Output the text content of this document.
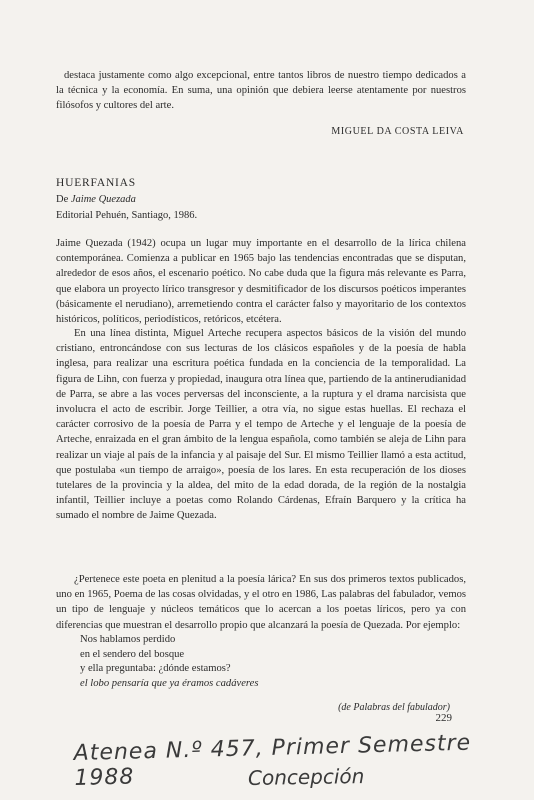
destaca justamente como algo excepcional, entre tantos libros de nuestro tiempo dedicados a la técnica y la economía. En suma, una opinión que debiera leerse atentamente por nuestros filósofos y cultores del arte.
MIGUEL DA COSTA LEIVA
HUERFANIAS
De Jaime Quezada
Editorial Pehuén, Santiago, 1986.
Jaime Quezada (1942) ocupa un lugar muy importante en el desarrollo de la lírica chilena contemporánea. Comienza a publicar en 1965 bajo las tendencias encontradas que se disputan, alrededor de esos años, el escenario poético. No cabe duda que la figura más relevante es Parra, que elabora un proyecto lírico transgresor y desmitificador de los discursos poéticos imperantes (básicamente el nerudiano), arremetiendo contra el carácter falso y mayoritario de los contextos históricos, políticos, periodísticos, retóricos, etcétera.
En una línea distinta, Miguel Arteche recupera aspectos básicos de la visión del mundo cristiano, entroncándose con sus lecturas de los clásicos españoles y de la poesía de habla inglesa, para realizar una escritura poética fundada en la conciencia de la temporalidad. La figura de Lihn, con fuerza y propiedad, inaugura otra línea que, partiendo de la antinerudianidad de Parra, se abre a las voces perversas del inconsciente, a la ruptura y el drama narcisista que involucra el acto de escribir. Jorge Teillier, a otra vía, no sigue estas huellas. El rechaza el carácter corrosivo de la poesía de Parra y el tempo de Arteche y el lenguaje de la poesía de Arteche, enraizada en el gran ámbito de la lengua española, como también se aleja de Lihn para realizar un viaje al país de la infancia y al paisaje del Sur. El mismo Teillier llamó a esta actitud, que postulaba «un tiempo de arraigo», poesía de los lares. En esta recuperación de los dioses tutelares de la provincia y la aldea, del mito de la edad dorada, de la región de la nostalgia infantil, Teillier incluye a poetas como Rolando Cárdenas, Efraín Barquero y la crítica ha sumado el nombre de Jaime Quezada.
¿Pertenece este poeta en plenitud a la poesía lárica? En sus dos primeros textos publicados, uno en 1965, Poema de las cosas olvidadas, y el otro en 1986, Las palabras del fabulador, vemos un tipo de lenguaje y núcleos temáticos que lo acercan a los poetas líricos, pero ya con diferencias que muestran el desarrollo propio que alcanzará la poesía de Quezada. Por ejemplo:
Nos hablamos perdido
en el sendero del bosque
y ella preguntaba: ¿dónde estamos?
el lobo pensaría que ya éramos cadáveres
(de Palabras del fabulador)
229
Atenea N.º 457, Primer Semestre 1988	Concepción
